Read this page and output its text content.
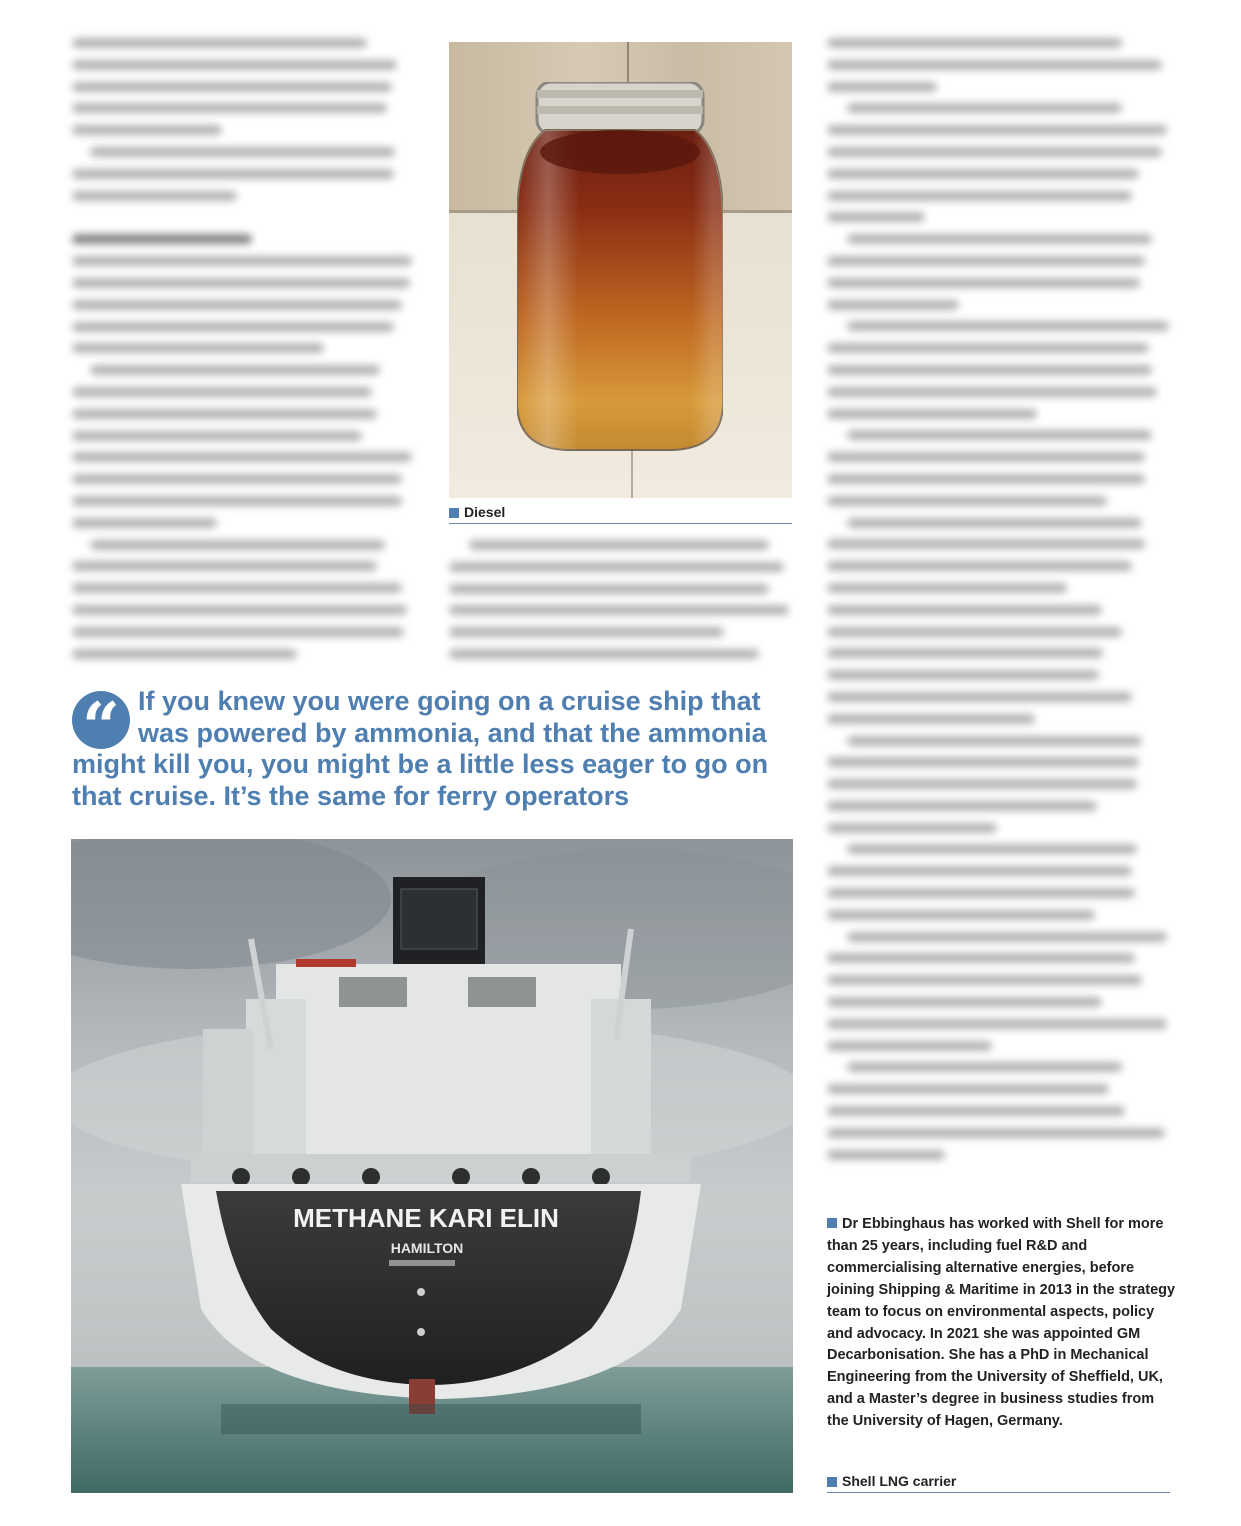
Diesel
“ If you knew you were going on a cruise ship that was powered by ammonia, and that the ammonia might kill you, you might be a little less eager to go on that cruise. It’s the same for ferry operators
METHANE KARI ELIN
HAMILTON
Dr Ebbinghaus has worked with Shell for more than 25 years, including fuel R&D and commercialising alternative energies, before joining Shipping & Maritime in 2013 in the strategy team to focus on environmental aspects, policy and advocacy. In 2021 she was appointed GM Decarbonisation. She has a PhD in Mechanical Engineering from the University of Sheffield, UK, and a Master’s degree in business studies from the University of Hagen, Germany.
Shell LNG carrier
